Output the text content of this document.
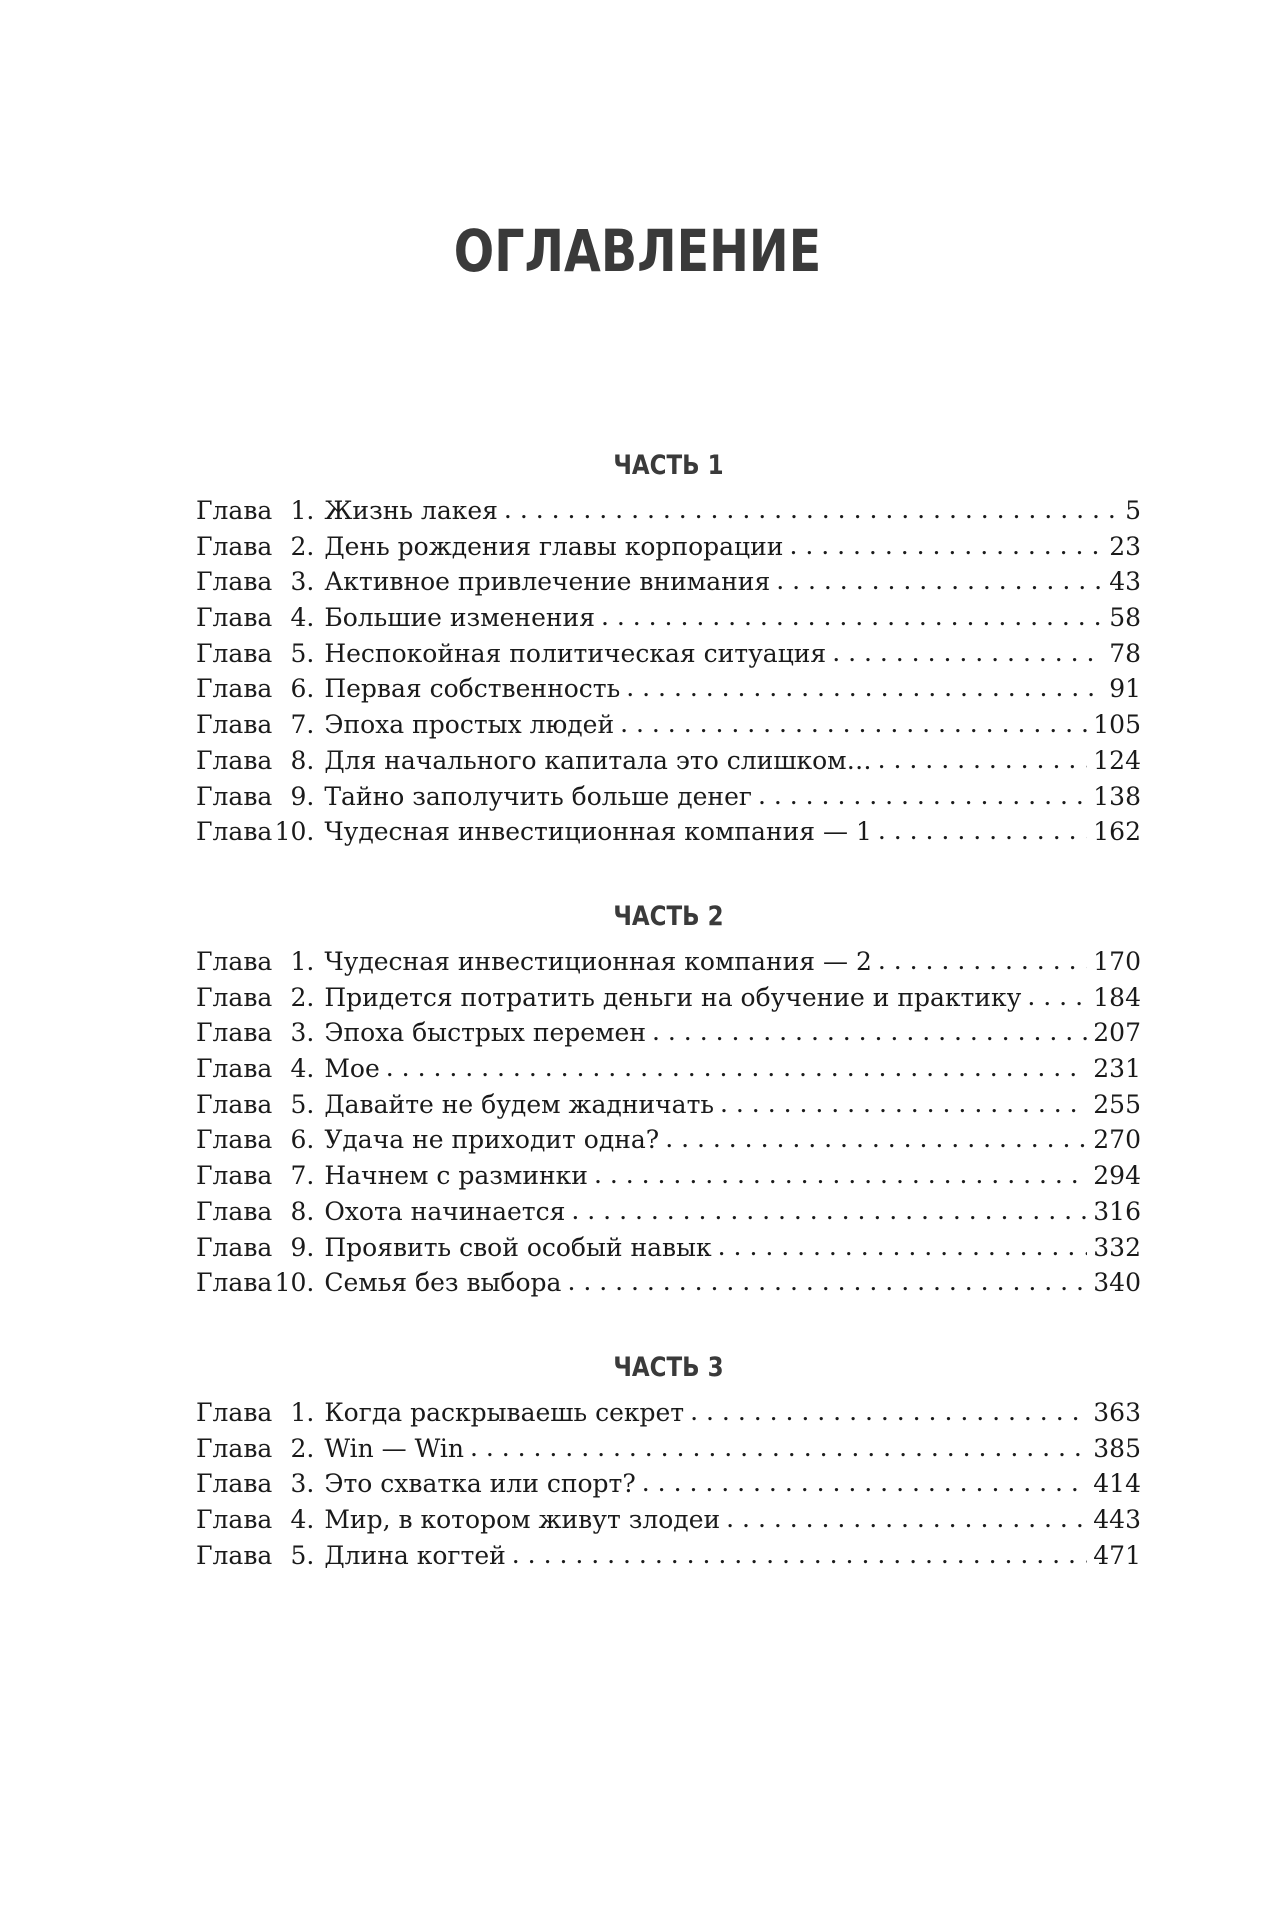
ОГЛАВЛЕНИЕ
ЧАСТЬ 1
Глава 1. Жизнь лакея . . .	5
Глава 2. День рождения главы корпорации . . .	23
Глава 3. Активное привлечение внимания . . .	43
Глава 4. Большие изменения . . .	58
Глава 5. Неспокойная политическая ситуация . . .	78
Глава 6. Первая собственность . . .	91
Глава 7. Эпоха простых людей . . .	105
Глава 8. Для начального капитала это слишком… . . .	124
Глава 9. Тайно заполучить больше денег . . .	138
Глава 10. Чудесная инвестиционная компания — 1 . . .	162
ЧАСТЬ 2
Глава 1. Чудесная инвестиционная компания — 2 . . .	170
Глава 2. Придется потратить деньги на обучение и практику . . .	184
Глава 3. Эпоха быстрых перемен . . .	207
Глава 4. Мое . . .	231
Глава 5. Давайте не будем жадничать . . .	255
Глава 6. Удача не приходит одна? . . .	270
Глава 7. Начнем с разминки . . .	294
Глава 8. Охота начинается . . .	316
Глава 9. Проявить свой особый навык . . .	332
Глава 10. Семья без выбора . . .	340
ЧАСТЬ 3
Глава 1. Когда раскрываешь секрет . . .	363
Глава 2. Win — Win . . .	385
Глава 3. Это схватка или спорт? . . .	414
Глава 4. Мир, в котором живут злодеи . . .	443
Глава 5. Длина когтей . . .	471
